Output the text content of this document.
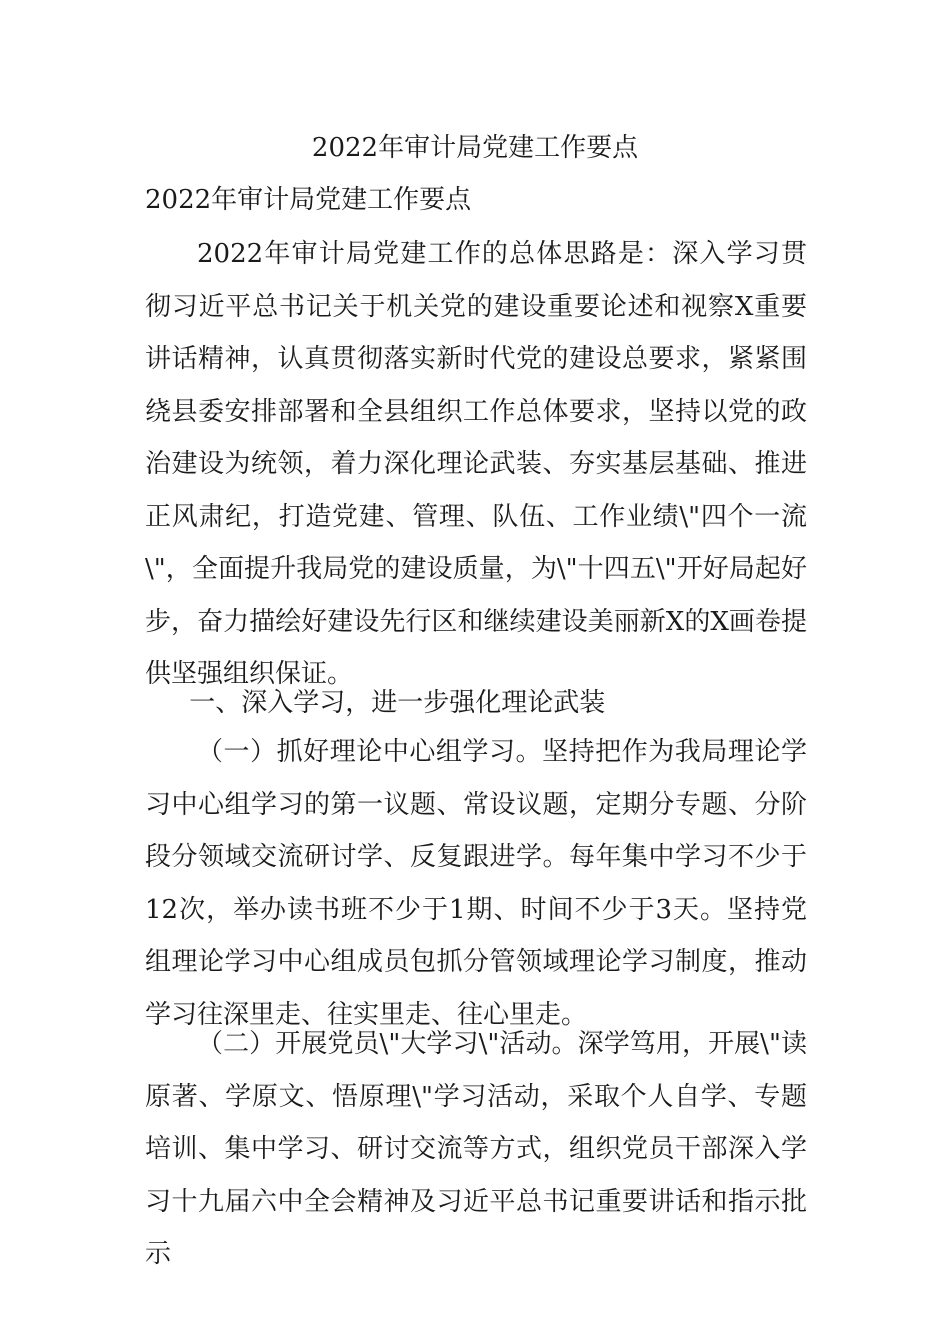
2022年审计局党建工作要点

2022年审计局党建工作要点

2022年审计局党建工作的总体思路是：深入学习贯彻习近平总书记关于机关党的建设重要论述和视察X重要讲话精神，认真贯彻落实新时代党的建设总要求，紧紧围绕县委安排部署和全县组织工作总体要求，坚持以党的政治建设为统领，着力深化理论武装、夯实基层基础、推进正风肃纪，打造党建、管理、队伍、工作业绩\"四个一流\"，全面提升我局党的建设质量，为\"十四五\"开好局起好步，奋力描绘好建设先行区和继续建设美丽新X的X画卷提供坚强组织保证。

一、深入学习，进一步强化理论武装

（一）抓好理论中心组学习。坚持把作为我局理论学习中心组学习的第一议题、常设议题，定期分专题、分阶段分领域交流研讨学、反复跟进学。每年集中学习不少于12次，举办读书班不少于1期、时间不少于3天。坚持党组理论学习中心组成员包抓分管领域理论学习制度，推动学习往深里走、往实里走、往心里走。

（二）开展党员\"大学习\"活动。深学笃用，开展\"读原著、学原文、悟原理\"学习活动，采取个人自学、专题培训、集中学习、研讨交流等方式，组织党员干部深入学习十九届六中全会精神及习近平总书记重要讲话和指示批示
